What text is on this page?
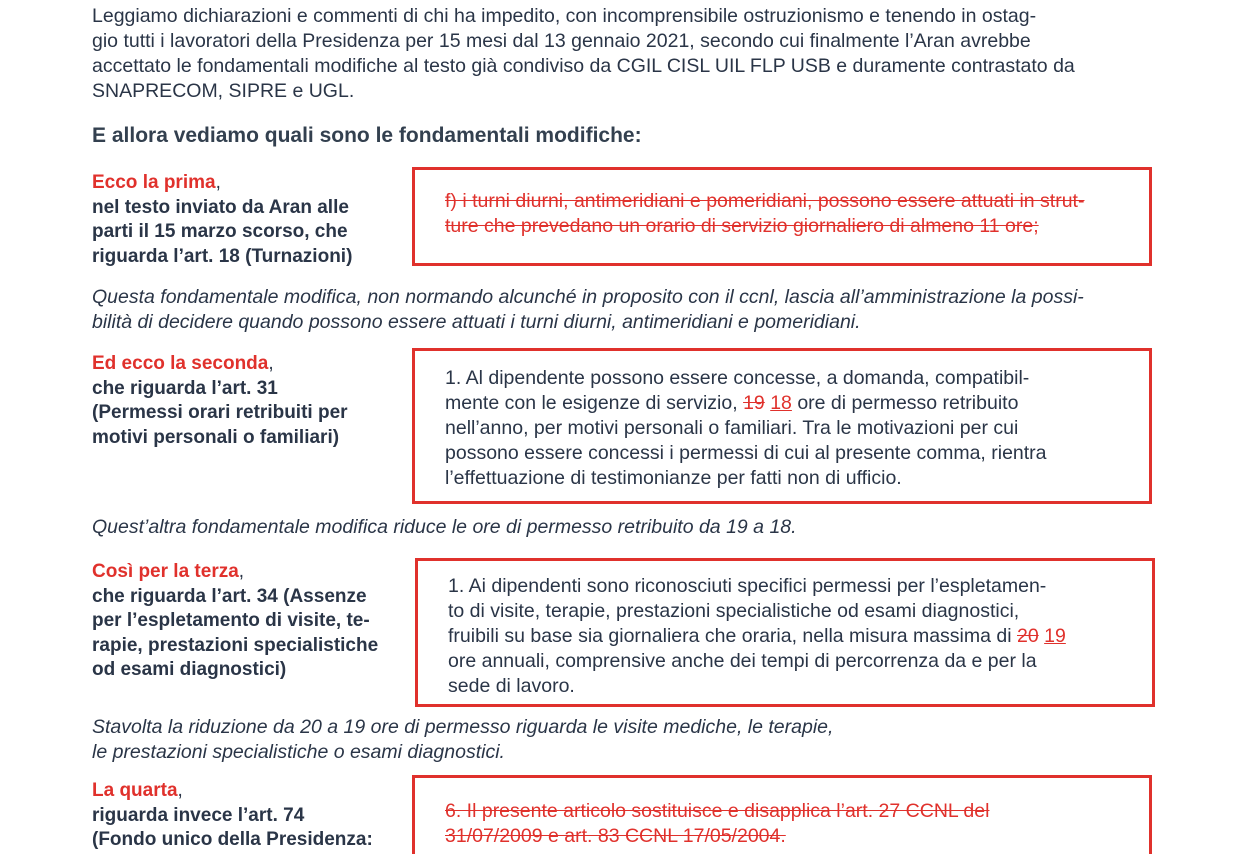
Leggiamo dichiarazioni e commenti di chi ha impedito, con incomprensibile ostruzionismo e tenendo in ostag-
gio tutti i lavoratori della Presidenza per 15 mesi dal 13 gennaio 2021, secondo cui finalmente l’Aran avrebbe
accettato le fondamentali modifiche al testo già condiviso da CGIL CISL UIL FLP USB e duramente contrastato da
SNAPRECOM, SIPRE e UGL.
E allora vediamo quali sono le fondamentali modifiche:
Ecco la prima,
nel testo inviato da Aran alle
parti il 15 marzo scorso, che
riguarda l’art. 18 (Turnazioni)
f) i turni diurni, antimeridiani e pomeridiani, possono essere attuati in strut-
ture che prevedano un orario di servizio giornaliero di almeno 11 ore;
Questa fondamentale modifica, non normando alcunché in proposito con il ccnl, lascia all’amministrazione la possi-
bilità di decidere quando possono essere attuati i turni diurni, antimeridiani e pomeridiani.
Ed ecco la seconda,
che riguarda l’art. 31
(Permessi orari retribuiti per
motivi personali o familiari)
1. Al dipendente possono essere concesse, a domanda, compatibil-
mente con le esigenze di servizio, 19 18 ore di permesso retribuito
nell’anno, per motivi personali o familiari. Tra le motivazioni per cui
possono essere concessi i permessi di cui al presente comma, rientra
l’effettuazione di testimonianze per fatti non di ufficio.
Quest’altra fondamentale modifica riduce le ore di permesso retribuito da 19 a 18.
Così per la terza,
che riguarda l’art. 34 (Assenze
per l’espletamento di visite, te-
rapie, prestazioni specialistiche
od esami diagnostici)
1. Ai dipendenti sono riconosciuti specifici permessi per l’espletamen-
to di visite, terapie, prestazioni specialistiche od esami diagnostici,
fruibili su base sia giornaliera che oraria, nella misura massima di 20 19
ore annuali, comprensive anche dei tempi di percorrenza da e per la
sede di lavoro.
Stavolta la riduzione da 20 a 19 ore di permesso riguarda le visite mediche, le terapie,
le prestazioni specialistiche o esami diagnostici.
La quarta,
riguarda invece l’art. 74
(Fondo unico della Presidenza:
6. Il presente articolo sostituisce e disapplica l’art. 27 CCNL del
31/07/2009 e art. 83 CCNL 17/05/2004.
